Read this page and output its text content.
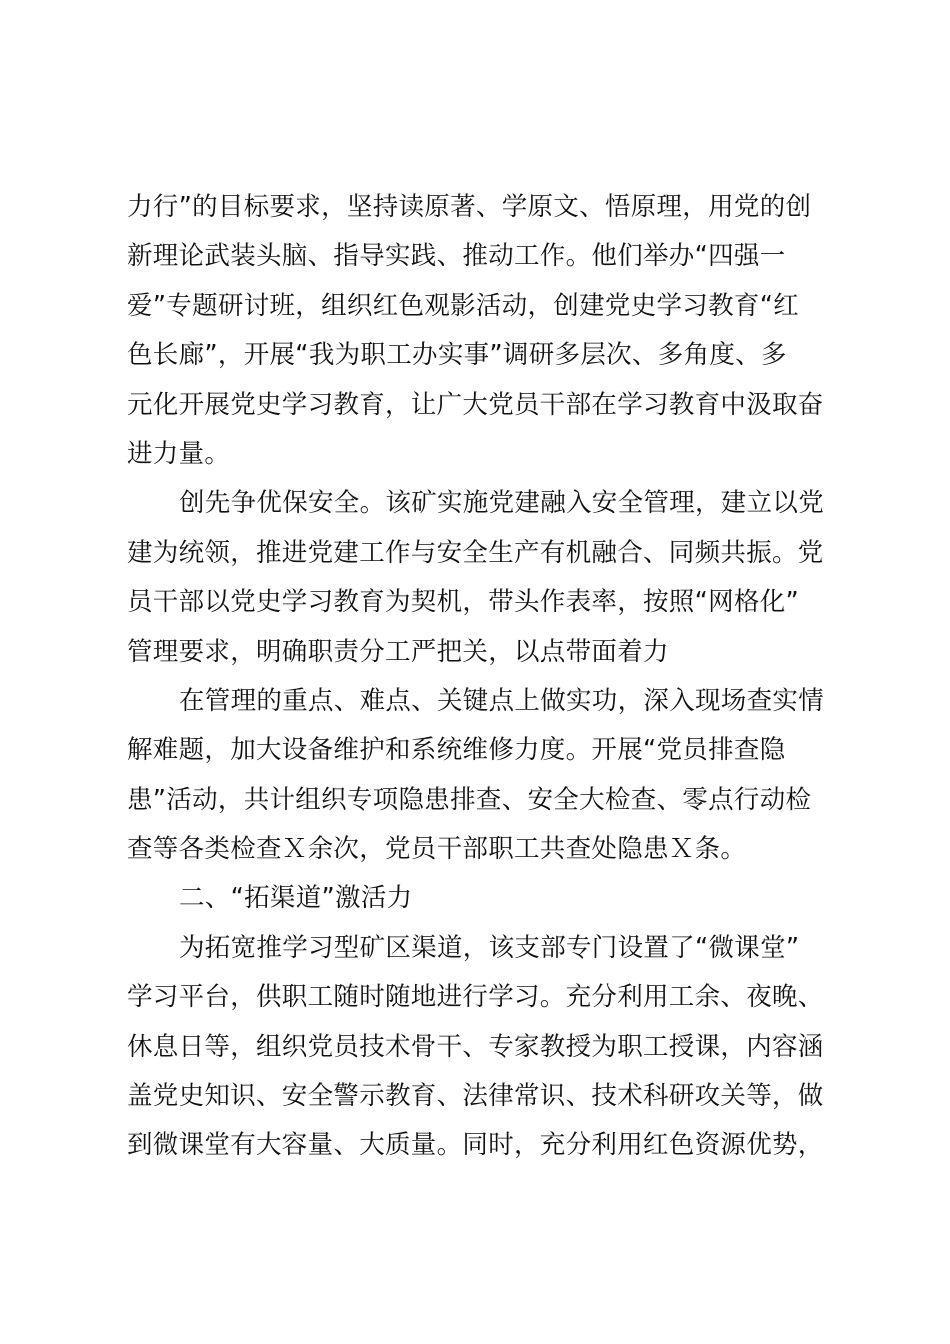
力行”的目标要求，坚持读原著、学原文、悟原理，用党的创
新理论武装头脑、指导实践、推动工作。他们举办“四强一
爱”专题研讨班，组织红色观影活动，创建党史学习教育“红
色长廊”，开展“我为职工办实事”调研多层次、多角度、多
元化开展党史学习教育，让广大党员干部在学习教育中汲取奋
进力量。
创先争优保安全。该矿实施党建融入安全管理，建立以党
建为统领，推进党建工作与安全生产有机融合、同频共振。党
员干部以党史学习教育为契机，带头作表率，按照“网格化”
管理要求，明确职责分工严把关，以点带面着力
在管理的重点、难点、关键点上做实功，深入现场查实情
解难题，加大设备维护和系统维修力度。开展“党员排查隐
患”活动，共计组织专项隐患排查、安全大检查、零点行动检
查等各类检查Ｘ余次，党员干部职工共查处隐患Ｘ条。
二、“拓渠道”激活力
为拓宽推学习型矿区渠道，该支部专门设置了“微课堂”
学习平台，供职工随时随地进行学习。充分利用工余、夜晚、
休息日等，组织党员技术骨干、专家教授为职工授课，内容涵
盖党史知识、安全警示教育、法律常识、技术科研攻关等，做
到微课堂有大容量、大质量。同时，充分利用红色资源优势，
